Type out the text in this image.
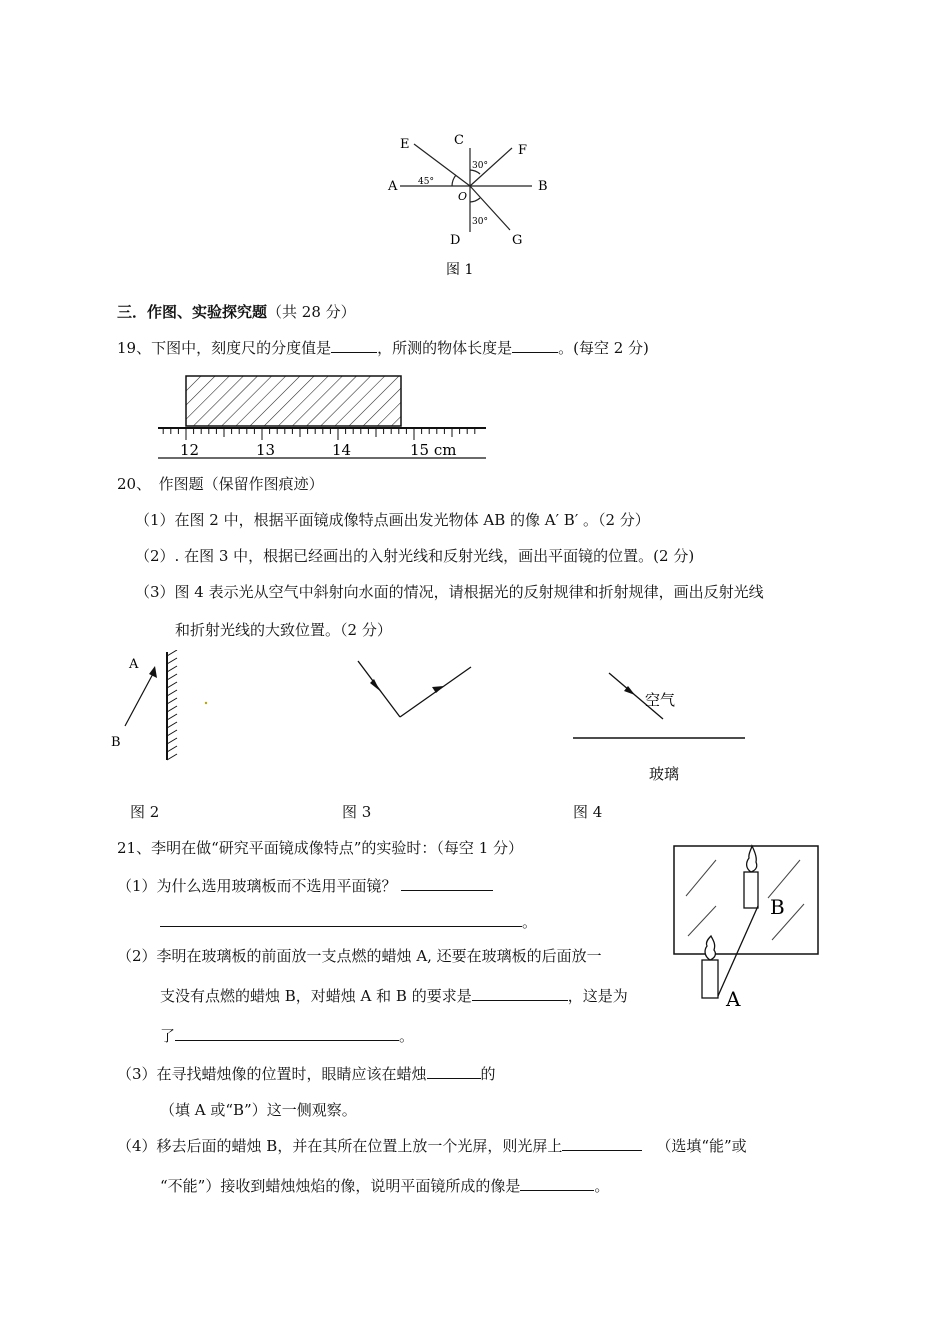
E	C
F
A	B
O
D	G
45°
30°
30°
图 1
三．作图、实验探究题（共 28 分）
19、下图中，刻度尺的分度值是	，所测的物体长度是	。(每空 2 分)
12	13	14	15 cm
20、　作图题（保留作图痕迹）
（1）在图 2 中，根据平面镜成像特点画出发光物体 AB 的像 A′ B′ 。（2 分）
（2）. 在图 3 中，根据已经画出的入射光线和反射光线，画出平面镜的位置。(2 分)
（3）图 4 表示光从空气中斜射向水面的情况，请根据光的反射规律和折射规律，画出反射光线
和折射光线的大致位置。（2 分）
A
B
空气
玻璃
图 2	图 3	图 4
21、李明在做“研究平面镜成像特点”的实验时：（每空 1 分）
（1）为什么选用玻璃板而不选用平面镜？
。
（2）李明在玻璃板的前面放一支点燃的蜡烛 A, 还要在玻璃板的后面放一
支没有点燃的蜡烛 B，对蜡烛 A 和 B 的要求是	，这是为
了	。
（3）在寻找蜡烛像的位置时，眼睛应该在蜡烛	的
（填 A 或“B”）这一侧观察。
（4）移去后面的蜡烛 B，并在其所在位置上放一个光屏，则光屏上	（选填“能”或
“不能”）接收到蜡烛烛焰的像，说明平面镜所成的像是	。
B
A
